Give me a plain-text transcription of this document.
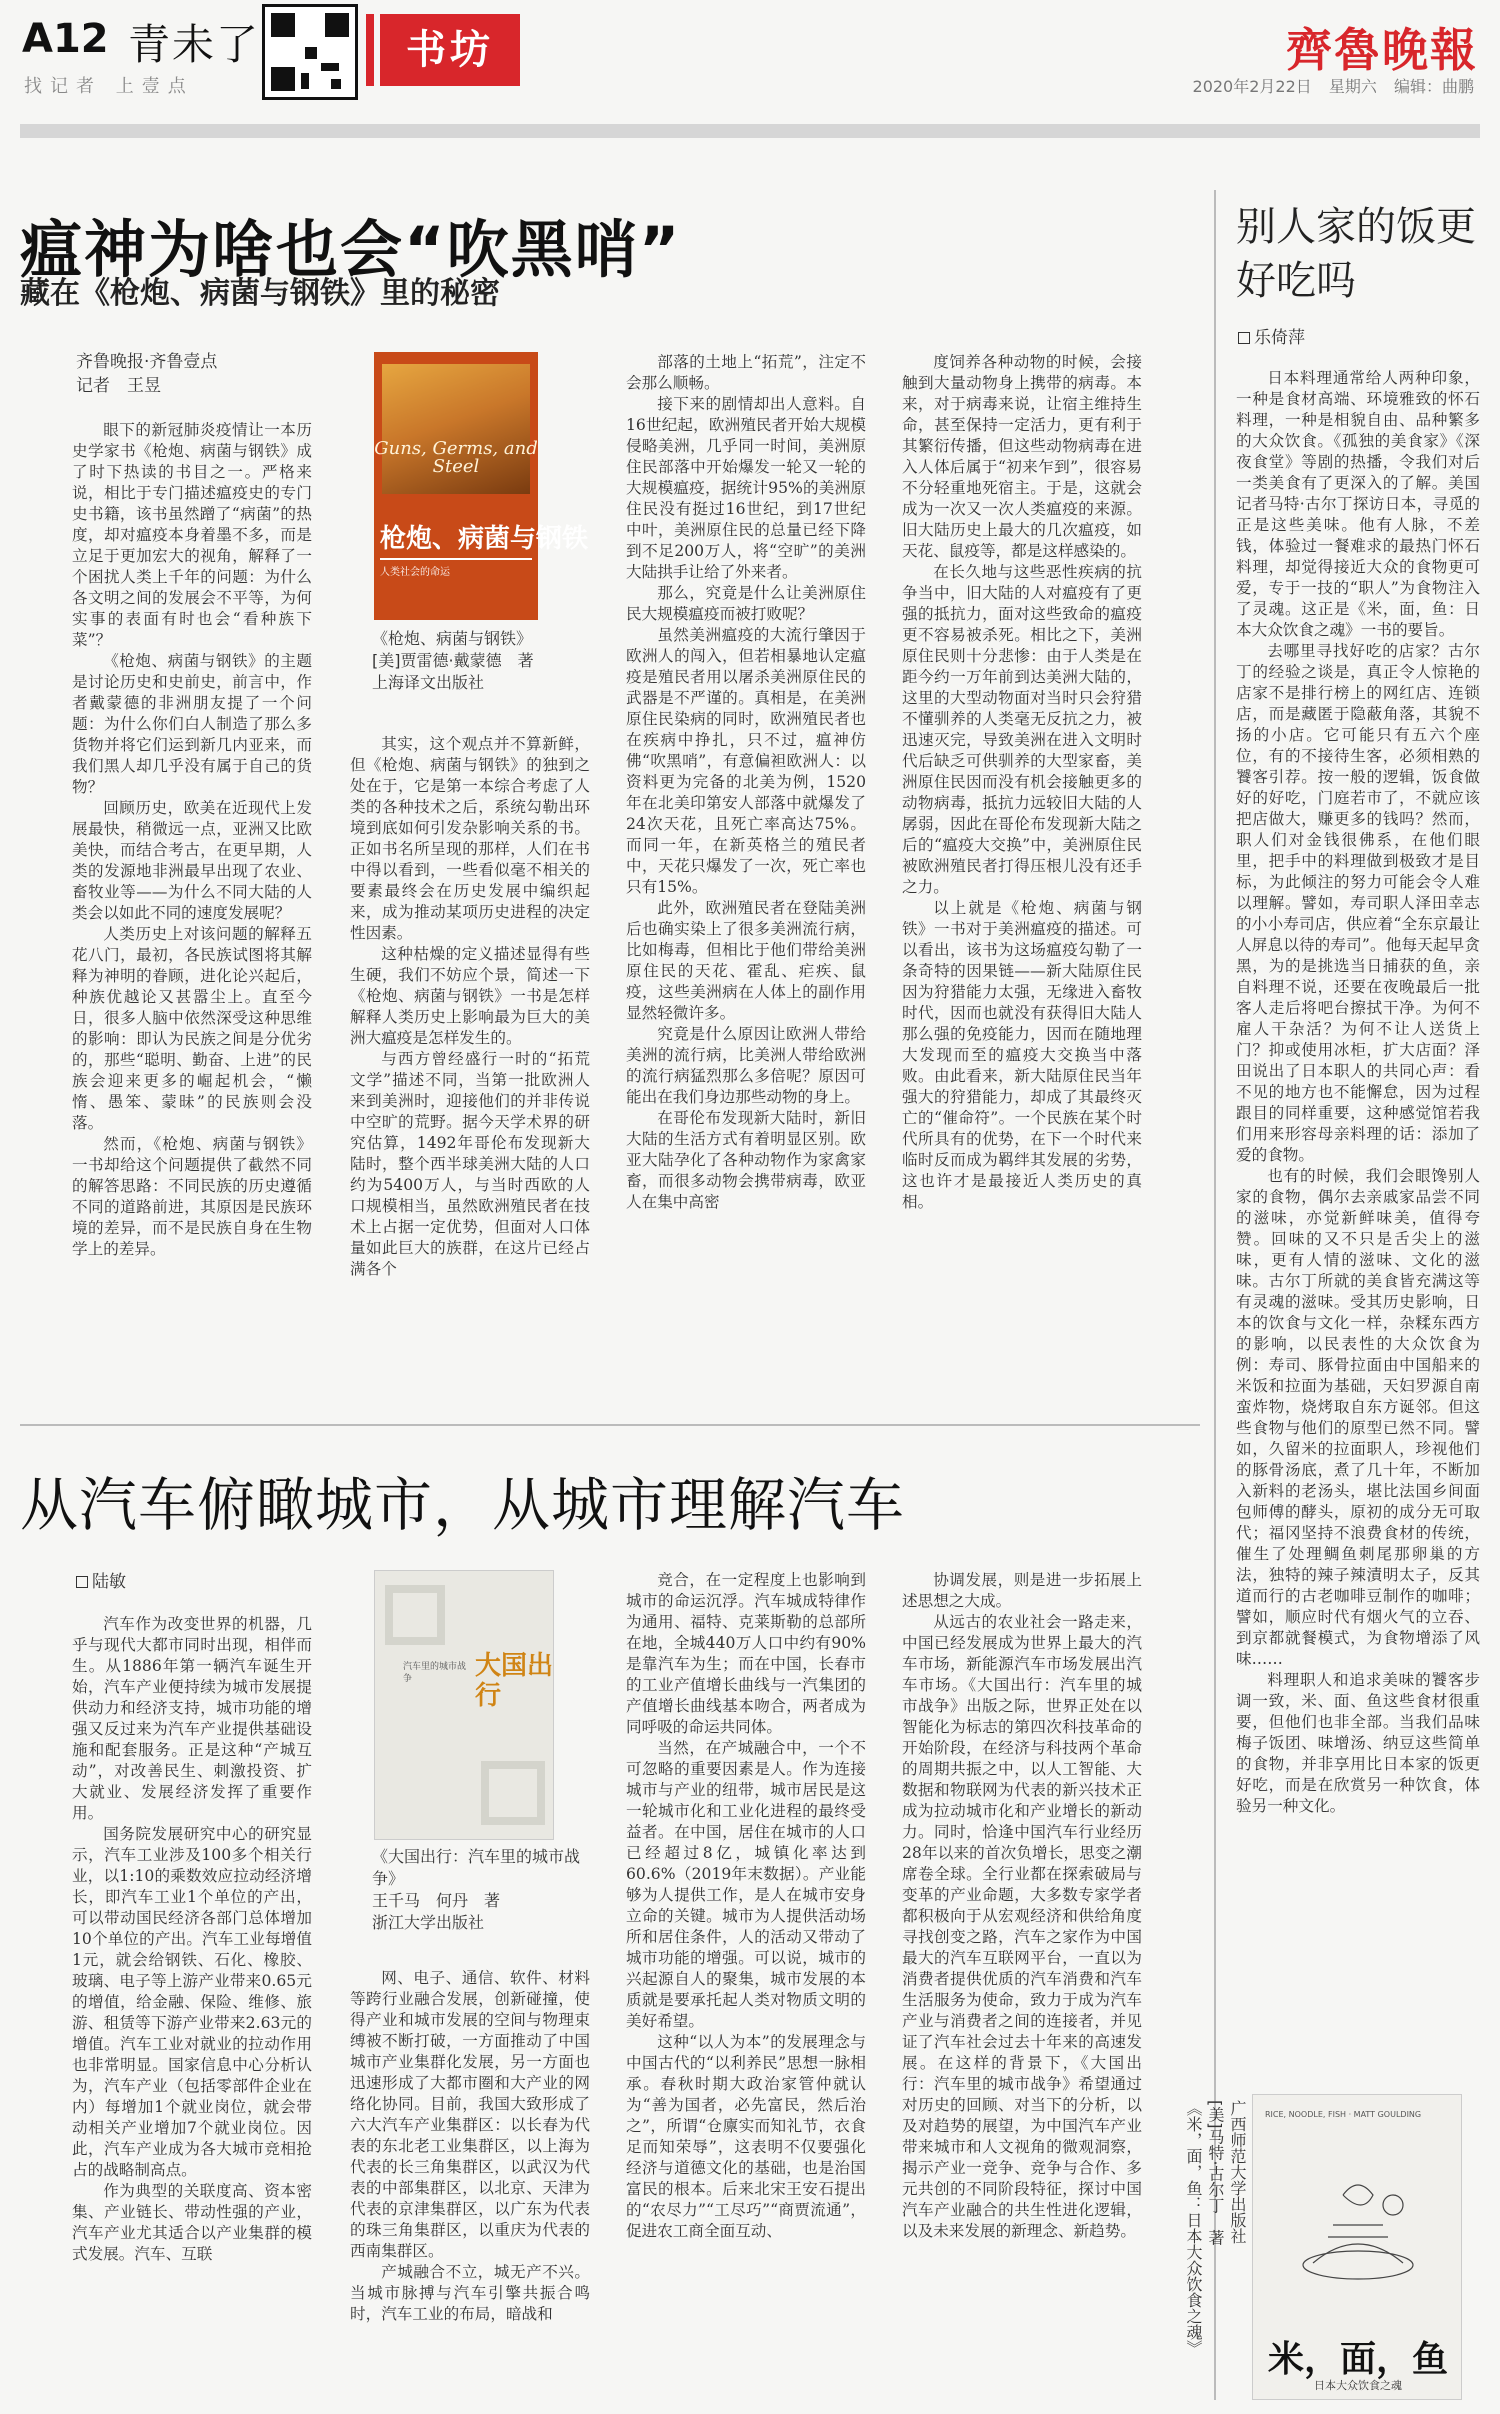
A12 青未了
找记者 上壹点
书坊	齊魯晚報
2020年2月22日 星期六 编辑：曲鹏
瘟神为啥也会“吹黑哨”
藏在《枪炮、病菌与钢铁》里的秘密
齐鲁晚报·齐鲁壹点
记者　王昱

眼下的新冠肺炎疫情让一本历史学家书《枪炮、病菌与钢铁》成了时下热读的书目之一。严格来说，相比于专门描述瘟疫史的专门史书籍，该书虽然蹭了“病菌”的热度，却对瘟疫本身着墨不多，而是立足于更加宏大的视角，解释了一个困扰人类上千年的问题：为什么各文明之间的发展会不平等，为何实事的表面有时也会“看种族下菜”？

《枪炮、病菌与钢铁》的主题是讨论历史和史前史，前言中，作者戴蒙德的非洲朋友提了一个问题：为什么你们白人制造了那么多货物并将它们运到新几内亚来，而我们黑人却几乎没有属于自己的货物？

回顾历史，欧美在近现代上发展最快，稍微远一点，亚洲又比欧美快，而结合考古，在更早期，人类的发源地非洲最早出现了农业、畜牧业等——为什么不同大陆的人类会以如此不同的速度发展呢？

人类历史上对该问题的解释五花八门，最初，各民族试图将其解释为神明的眷顾，进化论兴起后，种族优越论又甚嚣尘上。直至今日，很多人脑中依然深受这种思维的影响：即认为民族之间是分优劣的，那些“聪明、勤奋、上进”的民族会迎来更多的崛起机会，“懒惰、愚笨、蒙昧”的民族则会没落。

然而，《枪炮、病菌与钢铁》一书却给这个问题提供了截然不同的解答思路：不同民族的历史遵循不同的道路前进，其原因是民族环境的差异，而不是民族自身在生物学上的差异。

Guns, Germs, and Steel
枪炮、病菌与钢铁
人类社会的命运
《枪炮、病菌与钢铁》
[美]贾雷德·戴蒙德　著
上海译文出版社

其实，这个观点并不算新鲜，但《枪炮、病菌与钢铁》的独到之处在于，它是第一本综合考虑了人类的各种技术之后，系统勾勒出环境到底如何引发杂影响关系的书。正如书名所呈现的那样，人们在书中得以看到，一些看似毫不相关的要素最终会在历史发展中编织起来，成为推动某项历史进程的决定性因素。

这种枯燥的定义描述显得有些生硬，我们不妨应个景，简述一下《枪炮、病菌与钢铁》一书是怎样解释人类历史上影响最为巨大的美洲大瘟疫是怎样发生的。

与西方曾经盛行一时的“拓荒文学”描述不同，当第一批欧洲人来到美洲时，迎接他们的并非传说中空旷的荒野。据今天学术界的研究估算，1492年哥伦布发现新大陆时，整个西半球美洲大陆的人口约为5400万人，与当时西欧的人口规模相当，虽然欧洲殖民者在技术上占据一定优势，但面对人口体量如此巨大的族群，在这片已经占满各个

部落的土地上“拓荒”，注定不会那么顺畅。

接下来的剧情却出人意料。自16世纪起，欧洲殖民者开始大规模侵略美洲，几乎同一时间，美洲原住民部落中开始爆发一轮又一轮的大规模瘟疫，据统计95%的美洲原住民没有挺过16世纪，到17世纪中叶，美洲原住民的总量已经下降到不足200万人，将“空旷”的美洲大陆拱手让给了外来者。

那么，究竟是什么让美洲原住民大规模瘟疫而被打败呢？

虽然美洲瘟疫的大流行肇因于欧洲人的闯入，但若相暴地认定瘟疫是殖民者用以屠杀美洲原住民的武器是不严谨的。真相是，在美洲原住民染病的同时，欧洲殖民者也在疾病中挣扎，只不过，瘟神仿佛“吹黑哨”，有意偏袒欧洲人：以资料更为完备的北美为例，1520年在北美印第安人部落中就爆发了24次天花，且死亡率高达75%。而同一年，在新英格兰的殖民者中，天花只爆发了一次，死亡率也只有15%。

此外，欧洲殖民者在登陆美洲后也确实染上了很多美洲流行病，比如梅毒，但相比于他们带给美洲原住民的天花、霍乱、疟疾、鼠疫，这些美洲病在人体上的副作用显然轻微许多。

究竟是什么原因让欧洲人带给美洲的流行病，比美洲人带给欧洲的流行病猛烈那么多倍呢？原因可能出在我们身边那些动物的身上。

在哥伦布发现新大陆时，新旧大陆的生活方式有着明显区别。欧亚大陆孕化了各种动物作为家禽家畜，而很多动物会携带病毒，欧亚人在集中高密

度饲养各种动物的时候，会接触到大量动物身上携带的病毒。本来，对于病毒来说，让宿主维持生命，甚至保持一定活力，更有利于其繁衍传播，但这些动物病毒在进入人体后属于“初来乍到”，很容易不分轻重地死宿主。于是，这就会成为一次又一次人类瘟疫的来源。旧大陆历史上最大的几次瘟疫，如天花、鼠疫等，都是这样感染的。

在长久地与这些恶性疾病的抗争当中，旧大陆的人对瘟疫有了更强的抵抗力，面对这些致命的瘟疫更不容易被杀死。相比之下，美洲原住民则十分悲惨：由于人类是在距今约一万年前到达美洲大陆的，这里的大型动物面对当时只会狩猎不懂驯养的人类毫无反抗之力，被迅速灭完，导致美洲在进入文明时代后缺乏可供驯养的大型家畜，美洲原住民因而没有机会接触更多的动物病毒，抵抗力远较旧大陆的人孱弱，因此在哥伦布发现新大陆之后的“瘟疫大交换”中，美洲原住民被欧洲殖民者打得压根儿没有还手之力。

以上就是《枪炮、病菌与钢铁》一书对于美洲瘟疫的描述。可以看出，该书为这场瘟疫勾勒了一条奇特的因果链——新大陆原住民因为狩猎能力太强，无缘进入畜牧时代，因而也就没有获得旧大陆人那么强的免疫能力，因而在随地理大发现而至的瘟疫大交换当中落败。由此看来，新大陆原住民当年强大的狩猎能力，却成了其最终灭亡的“催命符”。一个民族在某个时代所具有的优势，在下一个时代来临时反而成为羁绊其发展的劣势，这也许才是最接近人类历史的真相。

从汽车俯瞰城市，从城市理解汽车
陆敏

汽车作为改变世界的机器，几乎与现代大都市同时出现，相伴而生。从1886年第一辆汽车诞生开始，汽车产业便持续为城市发展提供动力和经济支持，城市功能的增强又反过来为汽车产业提供基础设施和配套服务。正是这种“产城互动”，对改善民生、刺激投资、扩大就业、发展经济发挥了重要作用。

国务院发展研究中心的研究显示，汽车工业涉及100多个相关行业，以1:10的乘数效应拉动经济增长，即汽车工业1个单位的产出，可以带动国民经济各部门总体增加10个单位的产出。汽车工业每增值1元，就会给钢铁、石化、橡胶、玻璃、电子等上游产业带来0.65元的增值，给金融、保险、维修、旅游、租赁等下游产业带来2.63元的增值。汽车工业对就业的拉动作用也非常明显。国家信息中心分析认为，汽车产业（包括零部件企业在内）每增加1个就业岗位，就会带动相关产业增加7个就业岗位。因此，汽车产业成为各大城市竞相抢占的战略制高点。

作为典型的关联度高、资本密集、产业链长、带动性强的产业，汽车产业尤其适合以产业集群的模式发展。汽车、互联

汽车里的城市战争	大国出行
《大国出行：汽车里的城市战争》
王千马　何丹　著
浙江大学出版社

网、电子、通信、软件、材料等跨行业融合发展，创新碰撞，使得产业和城市发展的空间与物理束缚被不断打破，一方面推动了中国城市产业集群化发展，另一方面也迅速形成了大都市圈和大产业的网络化协同。目前，我国大致形成了六大汽车产业集群区：以长春为代表的东北老工业集群区，以上海为代表的长三角集群区，以武汉为代表的中部集群区，以北京、天津为代表的京津集群区，以广东为代表的珠三角集群区，以重庆为代表的西南集群区。

产城融合不立，城无产不兴。当城市脉搏与汽车引擎共振合鸣时，汽车工业的布局，暗战和

竞合，在一定程度上也影响到城市的命运沉浮。汽车城成特律作为通用、福特、克莱斯勒的总部所在地，全城440万人口中约有90%是靠汽车为生；而在中国，长春市的工业产值增长曲线与一汽集团的产值增长曲线基本吻合，两者成为同呼吸的命运共同体。

当然，在产城融合中，一个不可忽略的重要因素是人。作为连接城市与产业的纽带，城市居民是这一轮城市化和工业化进程的最终受益者。在中国，居住在城市的人口已经超过8亿，城镇化率达到60.6%（2019年末数据）。产业能够为人提供工作，是人在城市安身立命的关键。城市为人提供活动场所和居住条件，人的活动又带动了城市功能的增强。可以说，城市的兴起源自人的聚集，城市发展的本质就是要承托起人类对物质文明的美好希望。

这种“以人为本”的发展理念与中国古代的“以利养民”思想一脉相承。春秋时期大政治家管仲就认为“善为国者，必先富民，然后治之”，所谓“仓廪实而知礼节，衣食足而知荣辱”，这表明不仅要强化经济与道德文化的基础，也是治国富民的根本。后来北宋王安石提出的“农尽力”“工尽巧”“商贾流通”，促进农工商全面互动、

协调发展，则是进一步拓展上述思想之大成。

从远古的农业社会一路走来，中国已经发展成为世界上最大的汽车市场，新能源汽车市场发展出汽车市场。《大国出行：汽车里的城市战争》出版之际，世界正处在以智能化为标志的第四次科技革命的开始阶段，在经济与科技两个革命的周期共振之中，以人工智能、大数据和物联网为代表的新兴技术正成为拉动城市化和产业增长的新动力。同时，恰逢中国汽车行业经历28年以来的首次负增长，思变之潮席卷全球。全行业都在探索破局与变革的产业命题，大多数专家学者都积极向于从宏观经济和供给角度寻找创变之路，汽车之家作为中国最大的汽车互联网平台，一直以为消费者提供优质的汽车消费和汽车生活服务为使命，致力于成为汽车产业与消费者之间的连接者，并见证了汽车社会过去十年来的高速发展。在这样的背景下，《大国出行：汽车里的城市战争》希望通过对历史的回顾、对当下的分析，以及对趋势的展望，为中国汽车产业带来城市和人文视角的微观洞察，揭示产业一竞争、竞争与合作、多元共创的不同阶段特征，探讨中国汽车产业融合的共生性进化逻辑，以及未来发展的新理念、新趋势。

别人家的饭更好吃吗
乐倚萍

日本料理通常给人两种印象，一种是食材高端、环境雅致的怀石料理，一种是相貌自由、品种繁多的大众饮食。《孤独的美食家》《深夜食堂》等剧的热播，令我们对后一类美食有了更深入的了解。美国记者马特·古尔丁探访日本，寻觅的正是这些美味。他有人脉，不差钱，体验过一餐难求的最热门怀石料理，却觉得接近大众的食物更可爱，专于一技的“职人”为食物注入了灵魂。这正是《米，面，鱼：日本大众饮食之魂》一书的要旨。

去哪里寻找好吃的店家？古尔丁的经验之谈是，真正令人惊艳的店家不是排行榜上的网红店、连锁店，而是藏匿于隐蔽角落，其貌不扬的小店。它可能只有五六个座位，有的不接待生客，必须相熟的饕客引荐。按一般的逻辑，饭食做好的好吃，门庭若市了，不就应该把店做大，赚更多的钱吗？然而，职人们对金钱很佛系，在他们眼里，把手中的料理做到极致才是目标，为此倾注的努力可能会令人难以理解。譬如，寿司职人泽田幸志的小小寿司店，供应着“全东京最让人屏息以待的寿司”。他每天起早贪黑，为的是挑选当日捕获的鱼，亲自料理不说，还要在夜晚最后一批客人走后将吧台擦拭干净。为何不雇人干杂活？为何不让人送货上门？抑或使用冰柜，扩大店面？泽田说出了日本职人的共同心声：看不见的地方也不能懈怠，因为过程跟目的同样重要，这种感觉馆若我们用来形容母亲料理的话：添加了爱的食物。

也有的时候，我们会眼馋别人家的食物，偶尔去亲戚家品尝不同的滋味，亦觉新鲜味美，值得夸赞。回味的又不只是舌尖上的滋味，更有人情的滋味、文化的滋味。古尔丁所就的美食皆充满这等有灵魂的滋味。受其历史影响，日本的饮食与文化一样，杂糅东西方的影响，以民表性的大众饮食为例：寿司、豚骨拉面由中国船来的米饭和拉面为基础，天妇罗源自南蛮炸物，烧烤取自东方诞邻。但这些食物与他们的原型已然不同。譬如，久留米的拉面职人，珍视他们的豚骨汤底，煮了几十年，不断加入新料的老汤头，堪比法国乡间面包师傅的酵头，原初的成分无可取代；福冈坚持不浪费食材的传统，催生了处理鲷鱼刺尾那卵巢的方法，独特的辣子辣漬明太子，反其道而行的古老咖啡豆制作的咖啡；譬如，顺应时代有烟火气的立吞、到京都就餐模式，为食物增添了风味……

料理职人和追求美味的饕客步调一致，米、面、鱼这些食材很重要，但他们也非全部。当我们品味梅子饭团、味增汤、纳豆这些简单的食物，并非享用比日本家的饭更好吃，而是在欣赏另一种饮食，体验另一种文化。

RICE, NOODLE, FISH · MATT GOULDING
米，面，鱼
日本大众饮食之魂
广西师范大学出版社
[美]马特·古尔丁　著
《米，面，鱼：日本大众饮食之魂》
